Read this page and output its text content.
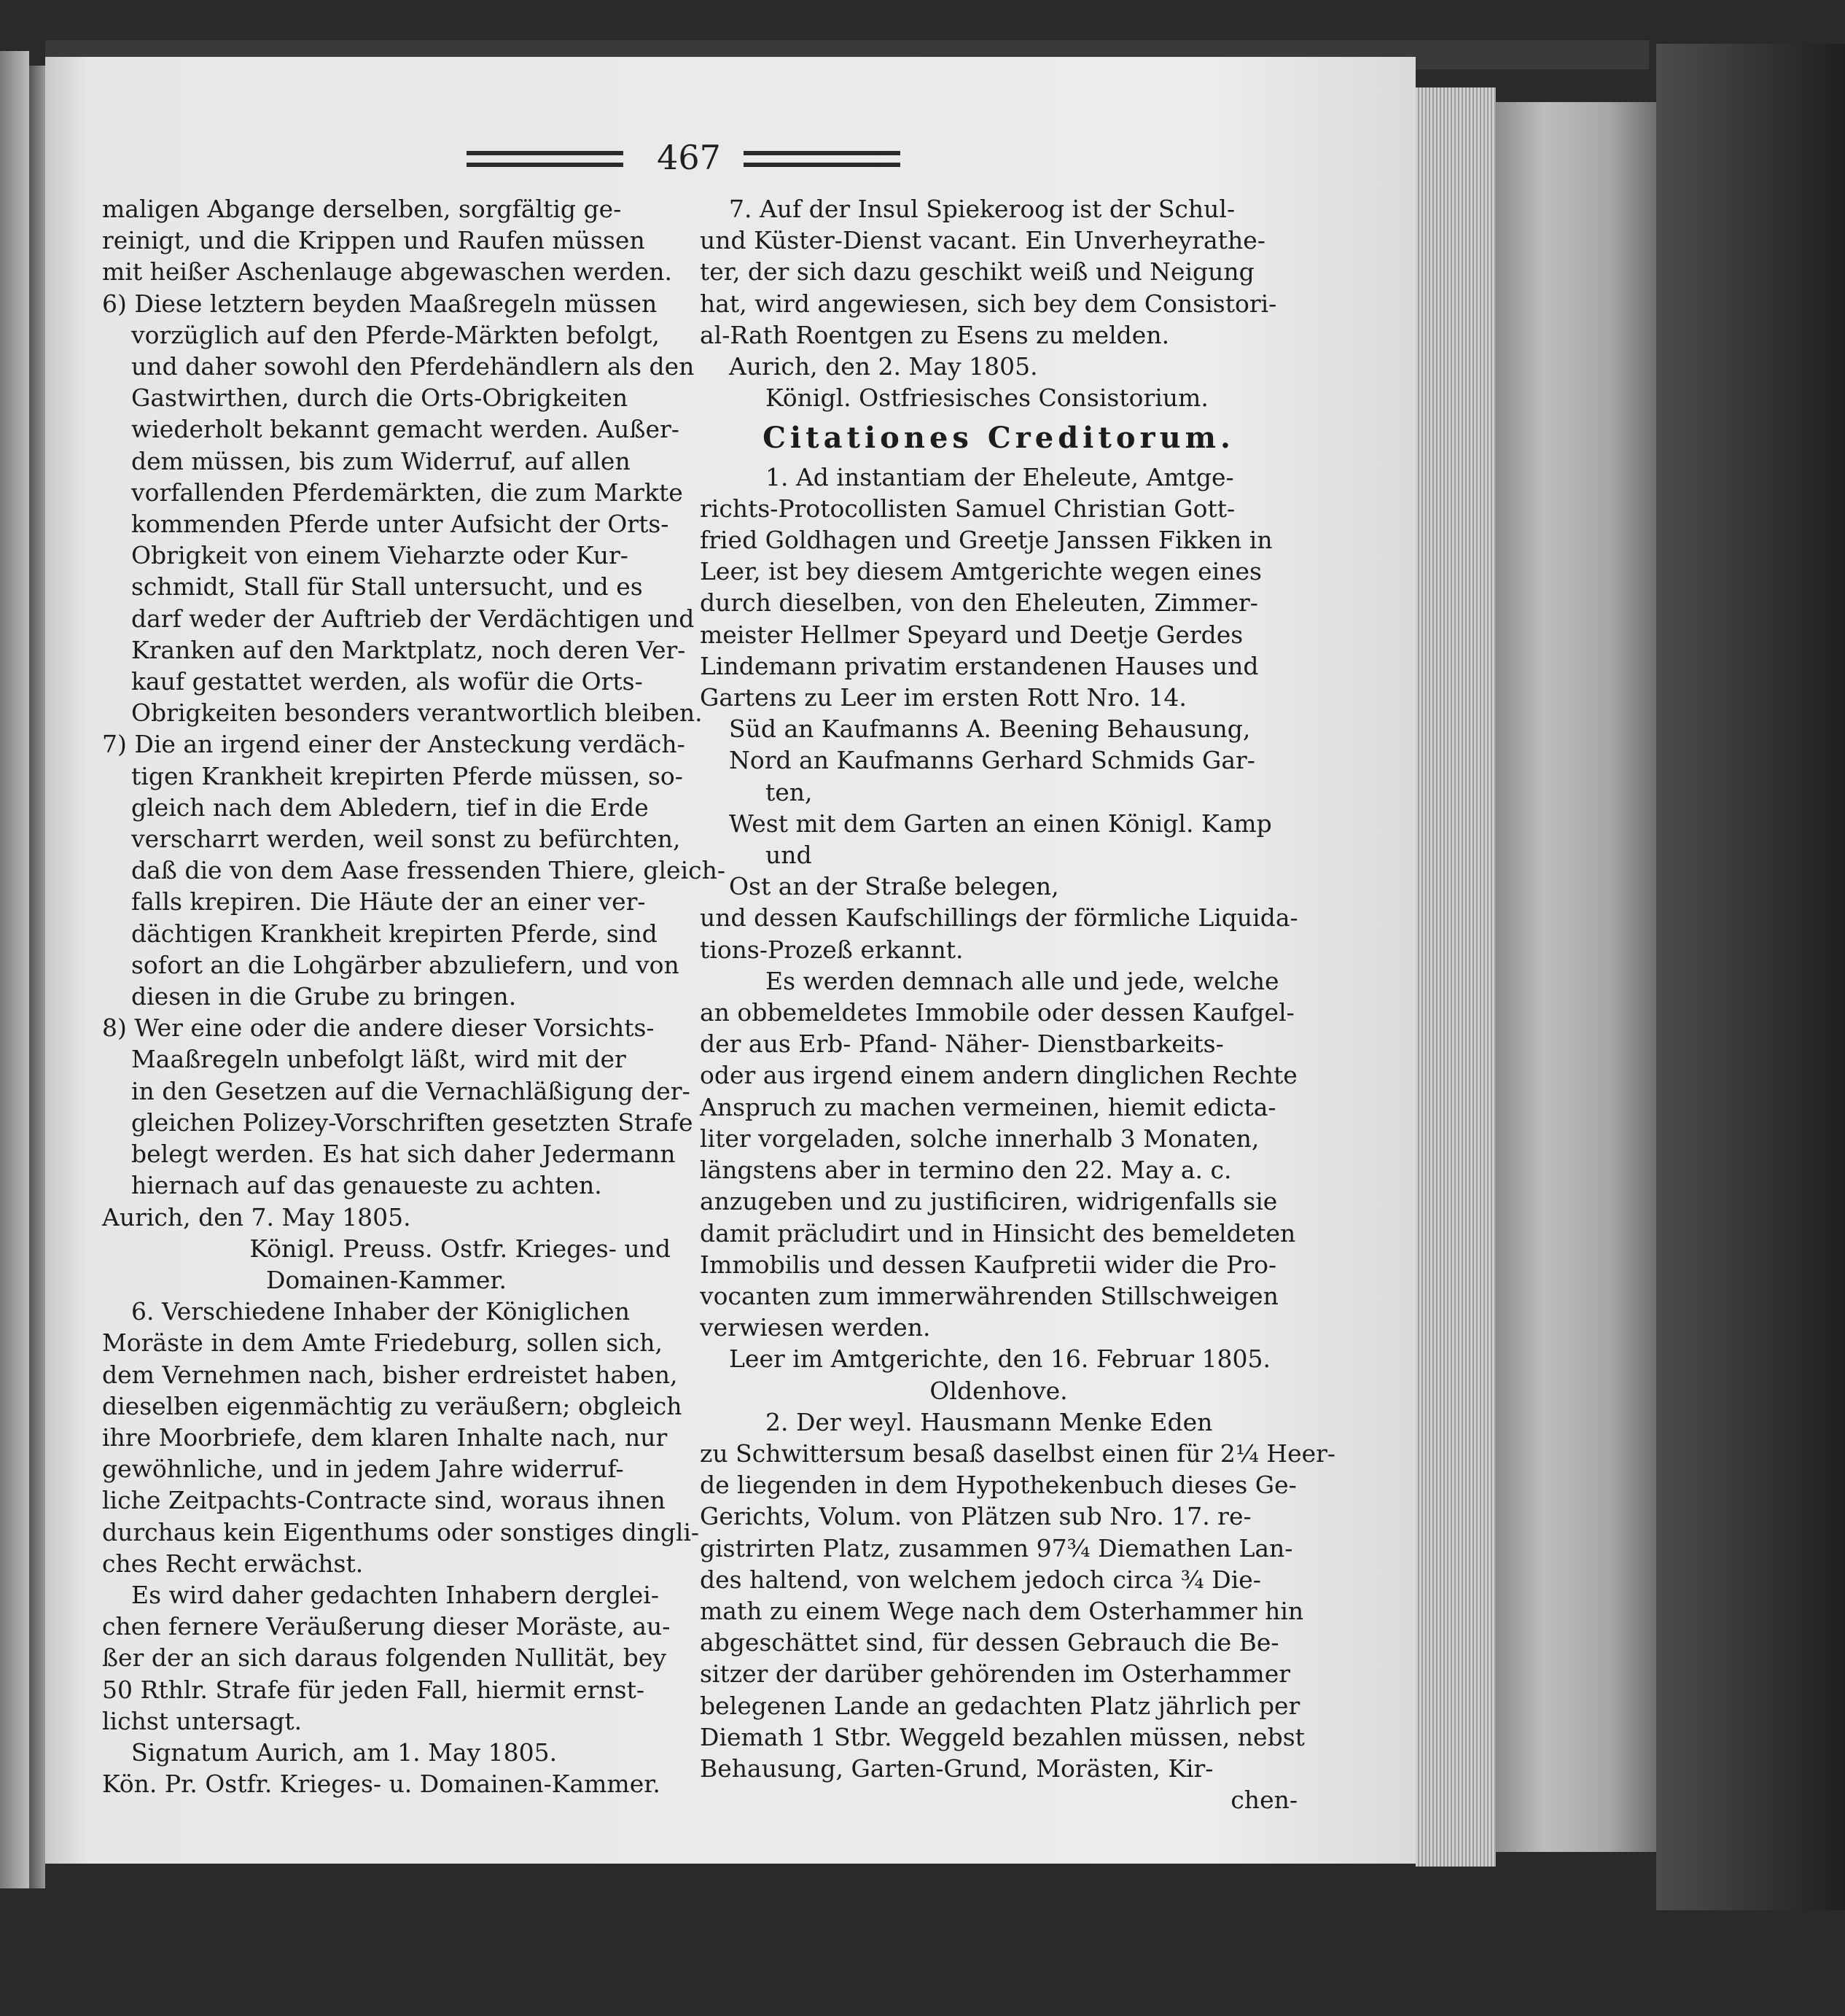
467
maligen Abgange derselben, sorgfältig ge-
reinigt, und die Krippen und Raufen müssen
mit heißer Aschenlauge abgewaschen werden.
6) Diese letztern beyden Maaßregeln müssen
vorzüglich auf den Pferde-Märkten befolgt,
und daher sowohl den Pferdehändlern als den
Gastwirthen, durch die Orts-Obrigkeiten
wiederholt bekannt gemacht werden. Außer-
dem müssen, bis zum Widerruf, auf allen
vorfallenden Pferdemärkten, die zum Markte
kommenden Pferde unter Aufsicht der Orts-
Obrigkeit von einem Vieharzte oder Kur-
schmidt, Stall für Stall untersucht, und es
darf weder der Auftrieb der Verdächtigen und
Kranken auf den Marktplatz, noch deren Ver-
kauf gestattet werden, als wofür die Orts-
Obrigkeiten besonders verantwortlich bleiben.
7) Die an irgend einer der Ansteckung verdäch-
tigen Krankheit krepirten Pferde müssen, so-
gleich nach dem Abledern, tief in die Erde
verscharrt werden, weil sonst zu befürchten,
daß die von dem Aase fressenden Thiere, gleich-
falls krepiren. Die Häute der an einer ver-
dächtigen Krankheit krepirten Pferde, sind
sofort an die Lohgärber abzuliefern, und von
diesen in die Grube zu bringen.
8) Wer eine oder die andere dieser Vorsichts-
Maaßregeln unbefolgt läßt, wird mit der
in den Gesetzen auf die Vernachläßigung der-
gleichen Polizey-Vorschriften gesetzten Strafe
belegt werden. Es hat sich daher Jedermann
hiernach auf das genaueste zu achten.
Aurich, den 7. May 1805.
Königl. Preuss. Ostfr. Krieges- und
Domainen-Kammer.
6. Verschiedene Inhaber der Königlichen
Moräste in dem Amte Friedeburg, sollen sich,
dem Vernehmen nach, bisher erdreistet haben,
dieselben eigenmächtig zu veräußern; obgleich
ihre Moorbriefe, dem klaren Inhalte nach, nur
gewöhnliche, und in jedem Jahre widerruf-
liche Zeitpachts-Contracte sind, woraus ihnen
durchaus kein Eigenthums oder sonstiges dingli-
ches Recht erwächst.
Es wird daher gedachten Inhabern derglei-
chen fernere Veräußerung dieser Moräste, au-
ßer der an sich daraus folgenden Nullität, bey
50 Rthlr. Strafe für jeden Fall, hiermit ernst-
lichst untersagt.
Signatum Aurich, am 1. May 1805.
Kön. Pr. Ostfr. Krieges- u. Domainen-Kammer.
7. Auf der Insul Spiekeroog ist der Schul-
und Küster-Dienst vacant. Ein Unverheyrathe-
ter, der sich dazu geschikt weiß und Neigung
hat, wird angewiesen, sich bey dem Consistori-
al-Rath Roentgen zu Esens zu melden.
Aurich, den 2. May 1805.
Königl. Ostfriesisches Consistorium.
Citationes Creditorum.
1. Ad instantiam der Eheleute, Amtge-
richts-Protocollisten Samuel Christian Gott-
fried Goldhagen und Greetje Janssen Fikken in
Leer, ist bey diesem Amtgerichte wegen eines
durch dieselben, von den Eheleuten, Zimmer-
meister Hellmer Speyard und Deetje Gerdes
Lindemann privatim erstandenen Hauses und
Gartens zu Leer im ersten Rott Nro. 14.
Süd an Kaufmanns A. Beening Behausung,
Nord an Kaufmanns Gerhard Schmids Gar-
ten,
West mit dem Garten an einen Königl. Kamp
und
Ost an der Straße belegen,
und dessen Kaufschillings der förmliche Liquida-
tions-Prozeß erkannt.
Es werden demnach alle und jede, welche
an obbemeldetes Immobile oder dessen Kaufgel-
der aus Erb- Pfand- Näher- Dienstbarkeits-
oder aus irgend einem andern dinglichen Rechte
Anspruch zu machen vermeinen, hiemit edicta-
liter vorgeladen, solche innerhalb 3 Monaten,
längstens aber in termino den 22. May a. c.
anzugeben und zu justificiren, widrigenfalls sie
damit präcludirt und in Hinsicht des bemeldeten
Immobilis und dessen Kaufpretii wider die Pro-
vocanten zum immerwährenden Stillschweigen
verwiesen werden.
Leer im Amtgerichte, den 16. Februar 1805.
Oldenhove.
2. Der weyl. Hausmann Menke Eden
zu Schwittersum besaß daselbst einen für 2¼ Heer-
de liegenden in dem Hypothekenbuch dieses Ge-
Gerichts, Volum. von Plätzen sub Nro. 17. re-
gistrirten Platz, zusammen 97¾ Diemathen Lan-
des haltend, von welchem jedoch circa ¾ Die-
math zu einem Wege nach dem Osterhammer hin
abgeschättet sind, für dessen Gebrauch die Be-
sitzer der darüber gehörenden im Osterhammer
belegenen Lande an gedachten Platz jährlich per
Diemath 1 Stbr. Weggeld bezahlen müssen, nebst
Behausung, Garten-Grund, Morästen, Kir-
chen-
